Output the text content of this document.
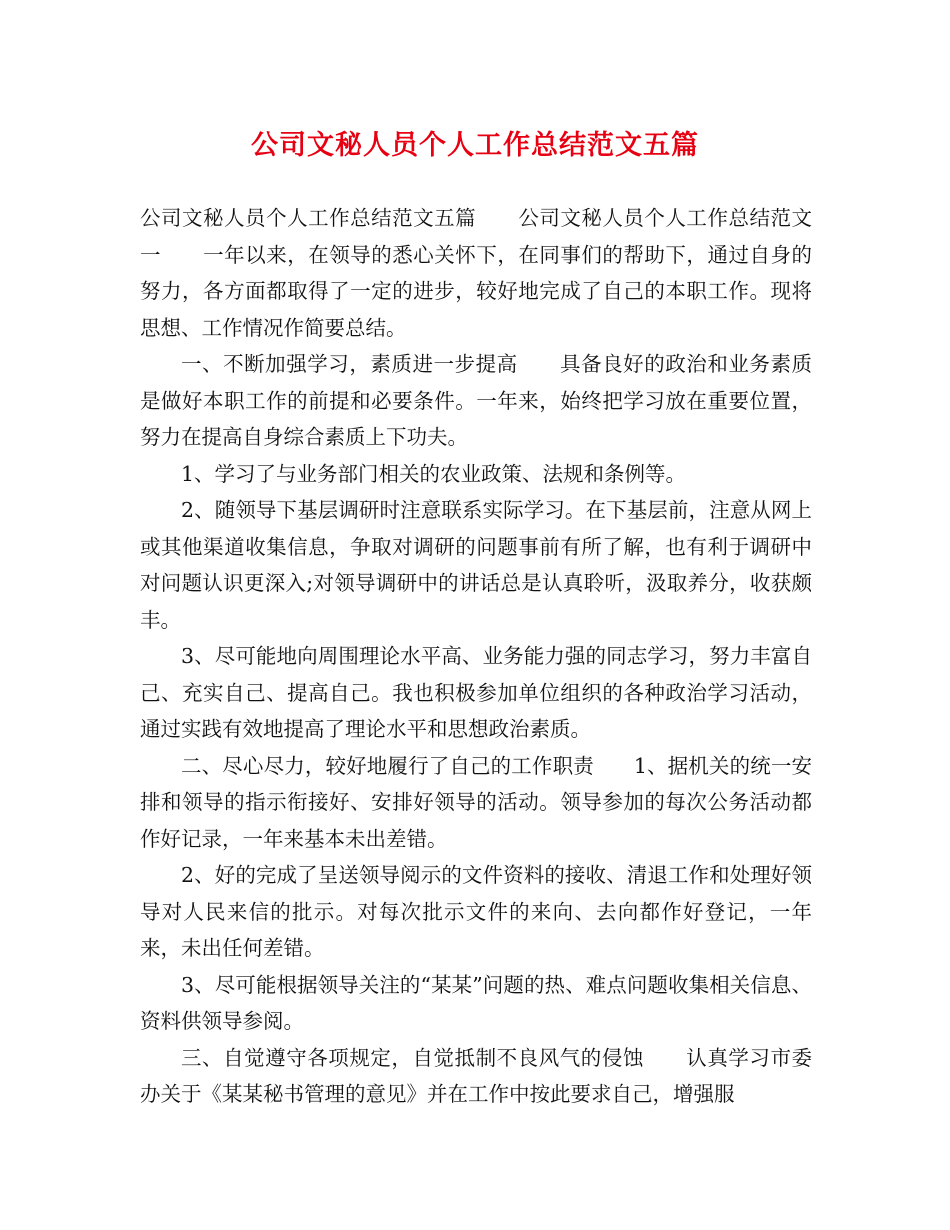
公司文秘人员个人工作总结范文五篇

公司文秘人员个人工作总结范文五篇      公司文秘人员个人工作总结范文一      一年以来，在领导的悉心关怀下，在同事们的帮助下，通过自身的努力，各方面都取得了一定的进步，较好地完成了自己的本职工作。现将思想、工作情况作简要总结。

一、不断加强学习，素质进一步提高      具备良好的政治和业务素质是做好本职工作的前提和必要条件。一年来，始终把学习放在重要位置，努力在提高自身综合素质上下功夫。

1、学习了与业务部门相关的农业政策、法规和条例等。

2、随领导下基层调研时注意联系实际学习。在下基层前，注意从网上或其他渠道收集信息，争取对调研的问题事前有所了解，也有利于调研中对问题认识更深入;对领导调研中的讲话总是认真聆听，汲取养分，收获颇丰。

3、尽可能地向周围理论水平高、业务能力强的同志学习，努力丰富自己、充实自己、提高自己。我也积极参加单位组织的各种政治学习活动，通过实践有效地提高了理论水平和思想政治素质。

二、尽心尽力，较好地履行了自己的工作职责      1、据机关的统一安排和领导的指示衔接好、安排好领导的活动。领导参加的每次公务活动都作好记录，一年来基本未出差错。

2、好的完成了呈送领导阅示的文件资料的接收、清退工作和处理好领导对人民来信的批示。对每次批示文件的来向、去向都作好登记，一年来，未出任何差错。

3、尽可能根据领导关注的“某某”问题的热、难点问题收集相关信息、资料供领导参阅。

三、自觉遵守各项规定，自觉抵制不良风气的侵蚀      认真学习市委办关于《某某秘书管理的意见》并在工作中按此要求自己，增强服
